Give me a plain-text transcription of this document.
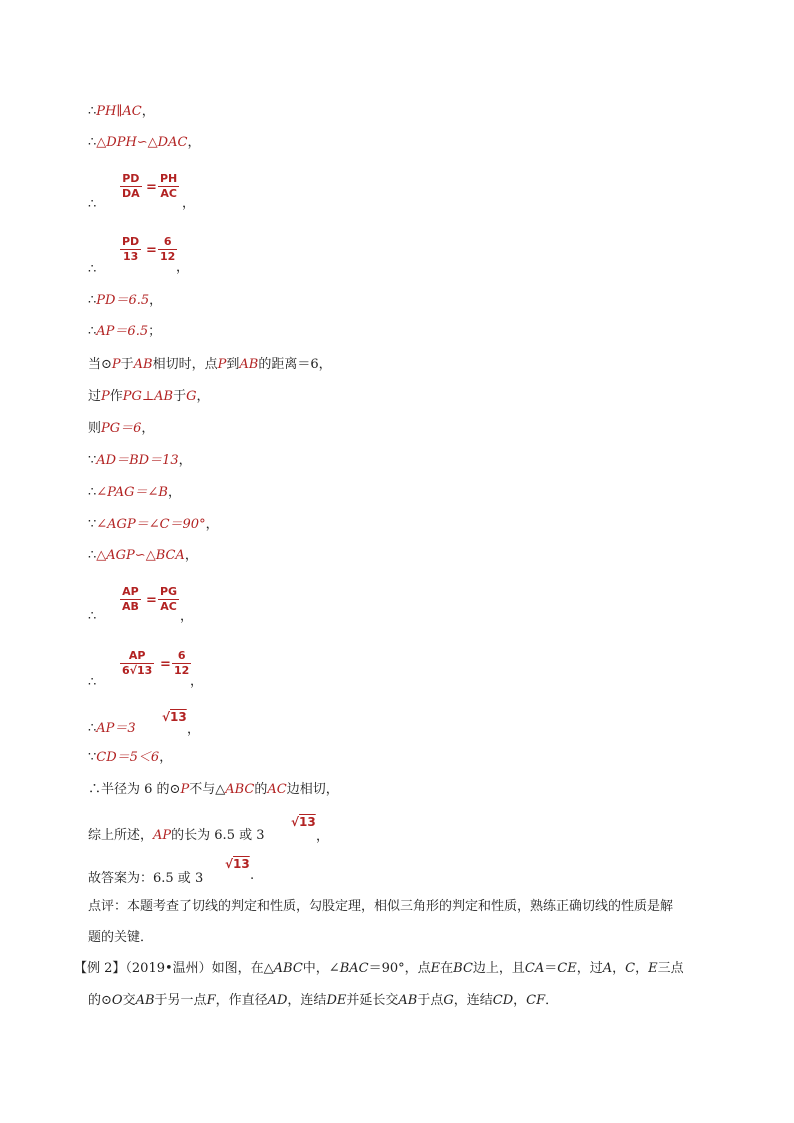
∴PH∥AC，
∴△DPH∽△DAC，
∴
PD
DA =
PH
AC
，
∴
PD
13 =
6
12
，
∴PD＝6.5，
∴AP＝6.5；
当⊙P于AB相切时，点P到AB的距离＝6，
过P作PG⊥AB于G，
则PG＝6，
∵AD＝BD＝13，
∴∠PAG＝∠B，
∵∠AGP＝∠C＝90°，
∴△AGP∽△BCA，
∴
AP
AB =
PG
AC
，
∴
AP
6√13 =
6
12
，
∴AP＝3
√13
，
∵CD＝5＜6，
∴半径为 6 的⊙P不与△ABC的AC边相切，
综上所述，AP的长为 6.5 或 3
√13
，
故答案为：6.5 或 3
√13
.
点评：本题考查了切线的判定和性质，勾股定理，相似三角形的判定和性质，熟练正确切线的性质是解
题的关键．
【例 2】（2019•温州）如图，在△ABC中，∠BAC＝90°，点E在BC边上，且CA＝CE，过A，C，E三点
的⊙O交AB于另一点F，作直径AD，连结DE并延长交AB于点G，连结CD，CF．
